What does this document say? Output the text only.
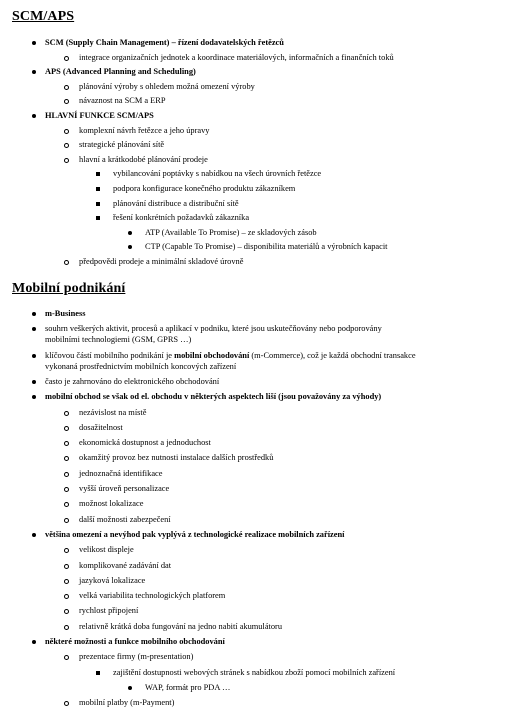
SCM/APS
SCM (Supply Chain Management) – řízení dodavatelských řetězců
integrace organizačních jednotek a koordinace materiálových, informačních a finančních toků
APS (Advanced Planning and Scheduling)
plánování výroby s ohledem možná omezení výroby
návaznost na SCM a ERP
HLAVNÍ FUNKCE SCM/APS
komplexní návrh řetězce a jeho úpravy
strategické plánování sítě
hlavní a krátkodobé plánování prodeje
vybilancování poptávky s nabídkou na všech úrovních řetězce
podpora konfigurace konečného produktu zákazníkem
plánování distribuce a distribuční sítě
řešení konkrétních požadavků zákazníka
ATP (Available To Promise) – ze skladových zásob
CTP (Capable To Promise) – disponibilita materiálů a výrobních kapacit
předpovědi prodeje a minimální skladové úrovně
Mobilní podnikání
m-Business
souhrn veškerých aktivit, procesů a aplikací v podniku, které jsou uskutečňovány nebo podporovány
mobilními technologiemi (GSM, GPRS …)
klíčovou částí mobilního podnikání je mobilní obchodování (m-Commerce), což je každá obchodní transakce
vykonaná prostřednictvím mobilních koncových zařízení
často je zahrnováno do elektronického obchodování
mobilní obchod se však od el. obchodu v některých aspektech liší (jsou považovány za výhody)
nezávislost na místě
dosažitelnost
ekonomická dostupnost a jednoduchost
okamžitý provoz bez nutnosti instalace dalších prostředků
jednoznačná identifikace
vyšší úroveň personalizace
možnost lokalizace
další možnosti zabezpečení
většina omezení a nevýhod pak vyplývá z technologické realizace mobilních zařízení
velikost displeje
komplikované zadávání dat
jazyková lokalizace
velká variabilita technologických platforem
rychlost připojení
relativně krátká doba fungování na jedno nabití akumulátoru
některé možnosti a funkce mobilního obchodování
prezentace firmy (m-presentation)
zajištění dostupnosti webových stránek s nabídkou zboží pomocí mobilních zařízení
WAP, formát pro PDA …
mobilní platby (m-Payment)
